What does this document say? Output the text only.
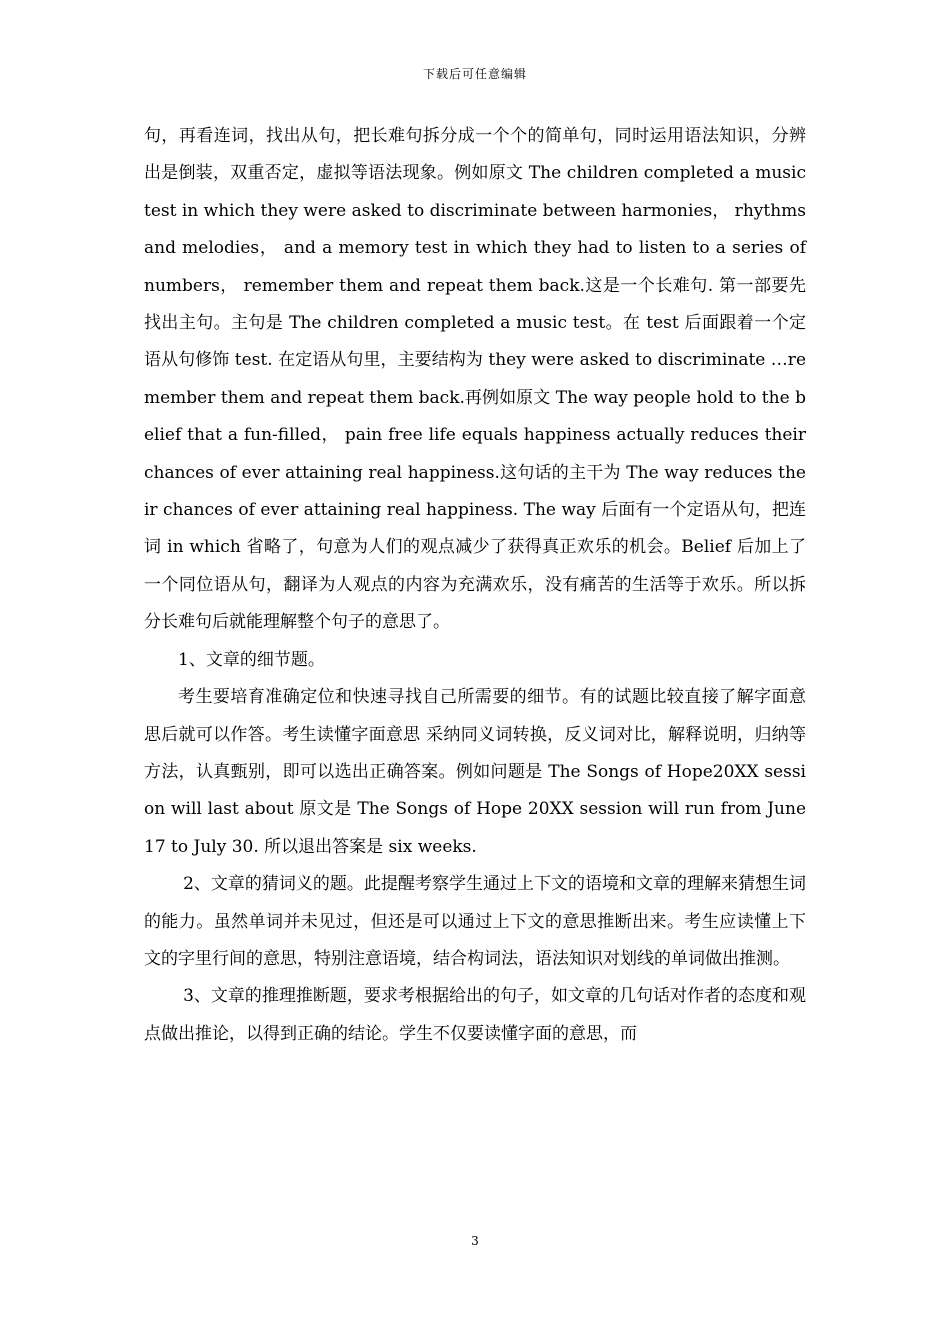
下载后可任意编辑

句，再看连词，找出从句，把长难句拆分成一个个的简单句，同时运用语法知识，分辨出是倒装，双重否定，虚拟等语法现象。例如原文 The children completed a music test in which they were asked to discriminate between harmonies， rhythms and melodies， and a memory test in which they had to listen to a series of numbers， remember them and repeat them back.这是一个长难句. 第一部要先找出主句。主句是 The children completed a music test。在 test 后面跟着一个定语从句修饰 test. 在定语从句里，主要结构为 they were asked to discriminate …remember them and repeat them back.再例如原文 The way people hold to the belief that a fun-filled， pain free life equals happiness actually reduces their chances of ever attaining real happiness.这句话的主干为 The way reduces their chances of ever attaining real happiness. The way 后面有一个定语从句，把连词 in which 省略了，句意为人们的观点减少了获得真正欢乐的机会。Belief 后加上了一个同位语从句，翻译为人观点的内容为充满欢乐，没有痛苦的生活等于欢乐。所以拆分长难句后就能理解整个句子的意思了。

1、文章的细节题。

考生要培育准确定位和快速寻找自己所需要的细节。有的试题比较直接了解字面意思后就可以作答。考生读懂字面意思 采纳同义词转换，反义词对比，解释说明，归纳等方法，认真甄别，即可以选出正确答案。例如问题是 The Songs of Hope20XX session will last about 原文是 The Songs of Hope 20XX session will run from June 17 to July 30. 所以退出答案是 six weeks.

2、文章的猜词义的题。此提醒考察学生通过上下文的语境和文章的理解来猜想生词的能力。虽然单词并未见过，但还是可以通过上下文的意思推断出来。考生应读懂上下文的字里行间的意思，特别注意语境，结合构词法，语法知识对划线的单词做出推测。

3、文章的推理推断题，要求考根据给出的句子，如文章的几句话对作者的态度和观点做出推论，以得到正确的结论。学生不仅要读懂字面的意思，而

3
